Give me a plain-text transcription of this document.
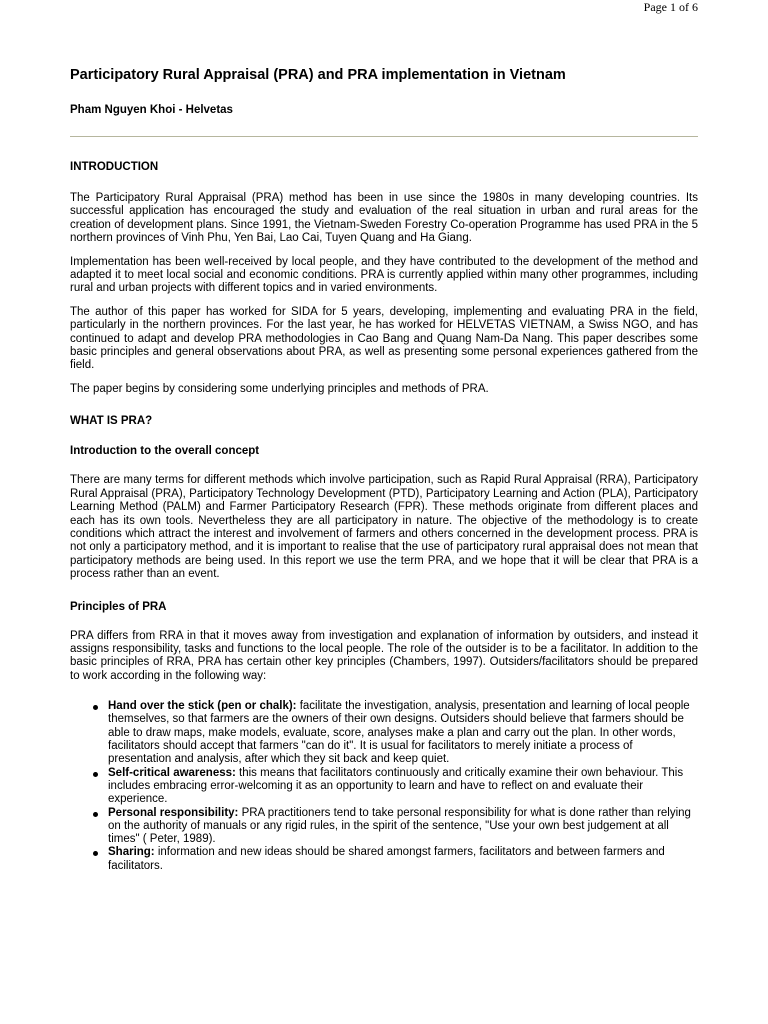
Page 1 of 6
Participatory Rural Appraisal (PRA) and PRA implementation in Vietnam
Pham Nguyen Khoi - Helvetas
INTRODUCTION

The Participatory Rural Appraisal (PRA) method has been in use since the 1980s in many developing countries. Its successful application has encouraged the study and evaluation of the real situation in urban and rural areas for the creation of development plans. Since 1991, the Vietnam-Sweden Forestry Co-operation Programme has used PRA in the 5 northern provinces of Vinh Phu, Yen Bai, Lao Cai, Tuyen Quang and Ha Giang.

Implementation has been well-received by local people, and they have contributed to the development of the method and adapted it to meet local social and economic conditions. PRA is currently applied within many other programmes, including rural and urban projects with different topics and in varied environments.

The author of this paper has worked for SIDA for 5 years, developing, implementing and evaluating PRA in the field, particularly in the northern provinces. For the last year, he has worked for HELVETAS VIETNAM, a Swiss NGO, and has continued to adapt and develop PRA methodologies in Cao Bang and Quang Nam-Da Nang. This paper describes some basic principles and general observations about PRA, as well as presenting some personal experiences gathered from the field.

The paper begins by considering some underlying principles and methods of PRA.

WHAT IS PRA?
Introduction to the overall concept

There are many terms for different methods which involve participation, such as Rapid Rural Appraisal (RRA), Participatory Rural Appraisal (PRA), Participatory Technology Development (PTD), Participatory Learning and Action (PLA), Participatory Learning Method (PALM) and Farmer Participatory Research (FPR). These methods originate from different places and each has its own tools. Nevertheless they are all participatory in nature. The objective of the methodology is to create conditions which attract the interest and involvement of farmers and others concerned in the development process. PRA is not only a participatory method, and it is important to realise that the use of participatory rural appraisal does not mean that participatory methods are being used. In this report we use the term PRA, and we hope that it will be clear that PRA is a process rather than an event.

Principles of PRA

PRA differs from RRA in that it moves away from investigation and explanation of information by outsiders, and instead it assigns responsibility, tasks and functions to the local people. The role of the outsider is to be a facilitator. In addition to the basic principles of RRA, PRA has certain other key principles (Chambers, 1997). Outsiders/facilitators should be prepared to work according in the following way:

Hand over the stick (pen or chalk): facilitate the investigation, analysis, presentation and learning of local people themselves, so that farmers are the owners of their own designs. Outsiders should believe that farmers should be able to draw maps, make models, evaluate, score, analyses make a plan and carry out the plan. In other words, facilitators should accept that farmers "can do it". It is usual for facilitators to merely initiate a process of presentation and analysis, after which they sit back and keep quiet.
Self-critical awareness: this means that facilitators continuously and critically examine their own behaviour. This includes embracing error-welcoming it as an opportunity to learn and have to reflect on and evaluate their experience.
Personal responsibility: PRA practitioners tend to take personal responsibility for what is done rather than relying on the authority of manuals or any rigid rules, in the spirit of the sentence, "Use your own best judgement at all times" ( Peter, 1989).
Sharing: information and new ideas should be shared amongst farmers, facilitators and between farmers and facilitators.
